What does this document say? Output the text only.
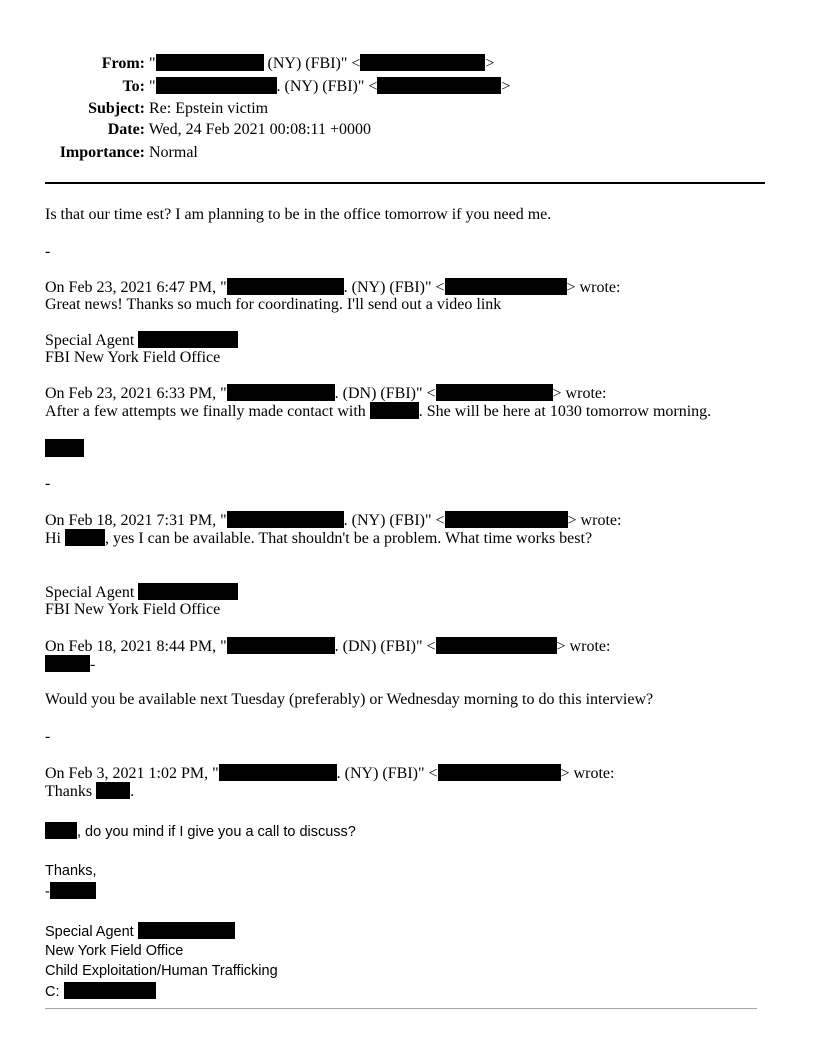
From: "	(NY) (FBI)" <	>
To: "	. (NY) (FBI)" <	>
Subject: Re: Epstein victim
Date: Wed, 24 Feb 2021 00:08:11 +0000
Importance: Normal
Is that our time est? I am planning to be in the office tomorrow if you need me.
-
On Feb 23, 2021 6:47 PM, "	. (NY) (FBI)" <	> wrote:
Great news! Thanks so much for coordinating. I'll send out a video link
Special Agent
FBI New York Field Office
On Feb 23, 2021 6:33 PM, "	. (DN) (FBI)" <	> wrote:
After a few attempts we finally made contact with	. She will be here at 1030 tomorrow morning.
-
On Feb 18, 2021 7:31 PM, "	. (NY) (FBI)" <	> wrote:
Hi	, yes I can be available. That shouldn't be a problem. What time works best?
Special Agent
FBI New York Field Office
On Feb 18, 2021 8:44 PM, "	. (DN) (FBI)" <	> wrote:
-
Would you be available next Tuesday (preferably) or Wednesday morning to do this interview?
-
On Feb 3, 2021 1:02 PM, "	. (NY) (FBI)" <	> wrote:
Thanks .
, do you mind if I give you a call to discuss?
Thanks,
-
Special Agent
New York Field Office
Child Exploitation/Human Trafficking
C:
